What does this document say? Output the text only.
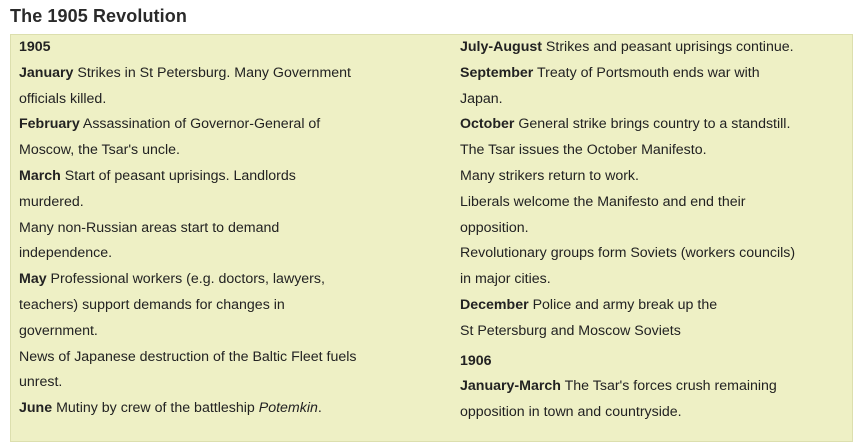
The 1905 Revolution
1905
January Strikes in St Petersburg. Many Government
officials killed.
February Assassination of Governor-General of
Moscow, the Tsar's uncle.
March Start of peasant uprisings. Landlords
murdered.
Many non-Russian areas start to demand
independence.
May Professional workers (e.g. doctors, lawyers,
teachers) support demands for changes in
government.
News of Japanese destruction of the Baltic Fleet fuels
unrest.
June Mutiny by crew of the battleship Potemkin.
July-August Strikes and peasant uprisings continue.
September Treaty of Portsmouth ends war with
Japan.
October General strike brings country to a standstill.
The Tsar issues the October Manifesto.
Many strikers return to work.
Liberals welcome the Manifesto and end their
opposition.
Revolutionary groups form Soviets (workers councils)
in major cities.
December Police and army break up the
St Petersburg and Moscow Soviets
1906
January-March The Tsar's forces crush remaining
opposition in town and countryside.
